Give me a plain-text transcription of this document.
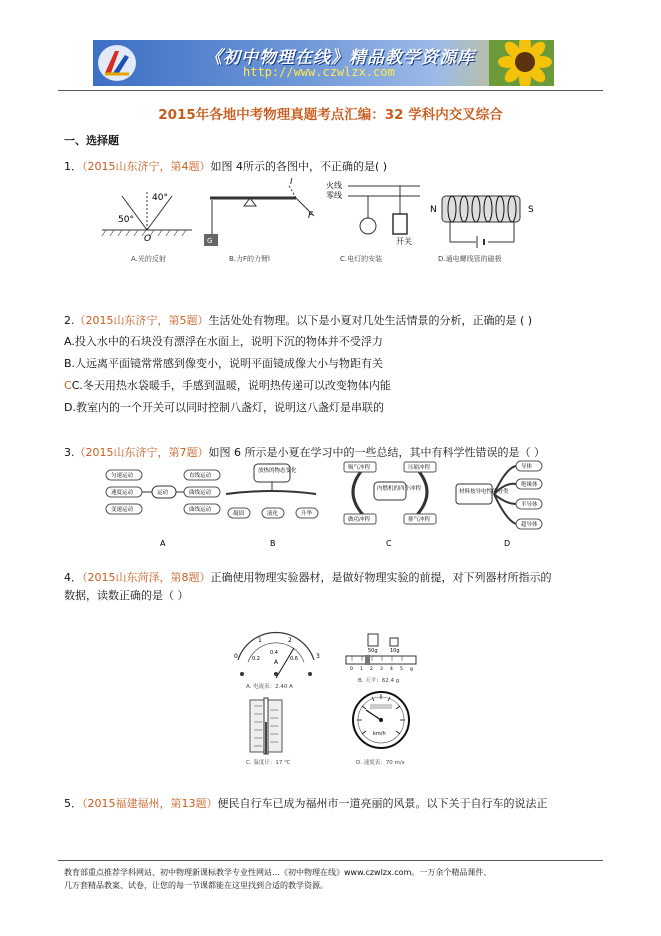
《初中物理在线》精品教学资源库
http://www.czwlzx.com
2015年各地中考物理真题考点汇编：32 学科内交叉综合
一、选择题
1．（2015山东济宁，第4题）如图 4所示的各图中，不正确的是( )
40°
50°
O	G
l
F
火线
零线
开关
N	S
A.光的反射	B.力F的力臂l	C.电灯的安装	D.通电螺线管的磁极
2.（2015山东济宁，第5题）生活处处有物理。以下是小夏对几处生活情景的分析，正确的是 ( )
A.投入水中的石块没有漂浮在水面上，说明下沉的物体并不受浮力
B.人远离平面镜常常感到像变小，说明平面镜成像大小与物距有关
CC.冬天用热水袋暖手，手感到温暖，说明热传递可以改变物体内能
D.教室内的一个开关可以同时控制八盏灯，说明这八盏灯是串联的
3.（2015山东济宁，第7题）如图 6 所示是小夏在学习中的一些总结，其中有科学性错误的是（ ）
运动
匀速运动
速度运动
变速运动
直线运动
曲线运动
曲线运动
A
放热的物态变化
凝固	液化	升华
B
内燃机的四个冲程
吸气冲程
做功冲程
压缩冲程
排气冲程
C
材料按导电性能分类
导体
绝缘体
半导体
超导体
D
4．（2015山东菏泽，第8题）正确使用物理实验器材，是做好物理实验的前提，对下列器材所指示的
数据，读数正确的是（ ）
0
1	2
3
0.2
0.4
0.6
A
A. 电流表：2.40 A
50g 10g
0 1 2 3 4 5 g
B. 天平：62.4 g
C. 温度计：17 ℃
km/h
D. 速度表：70 m/s
5．（2015福建福州，第13题）便民自行车已成为福州市一道亮丽的风景。以下关于自行车的说法正
教育部重点推荐学科网站、初中物理新课标教学专业性网站…《初中物理在线》www.czwlzx.com。一万余个精品课件、
几万套精品教案、试卷，让您的每一节课都能在这里找到合适的教学资源。
